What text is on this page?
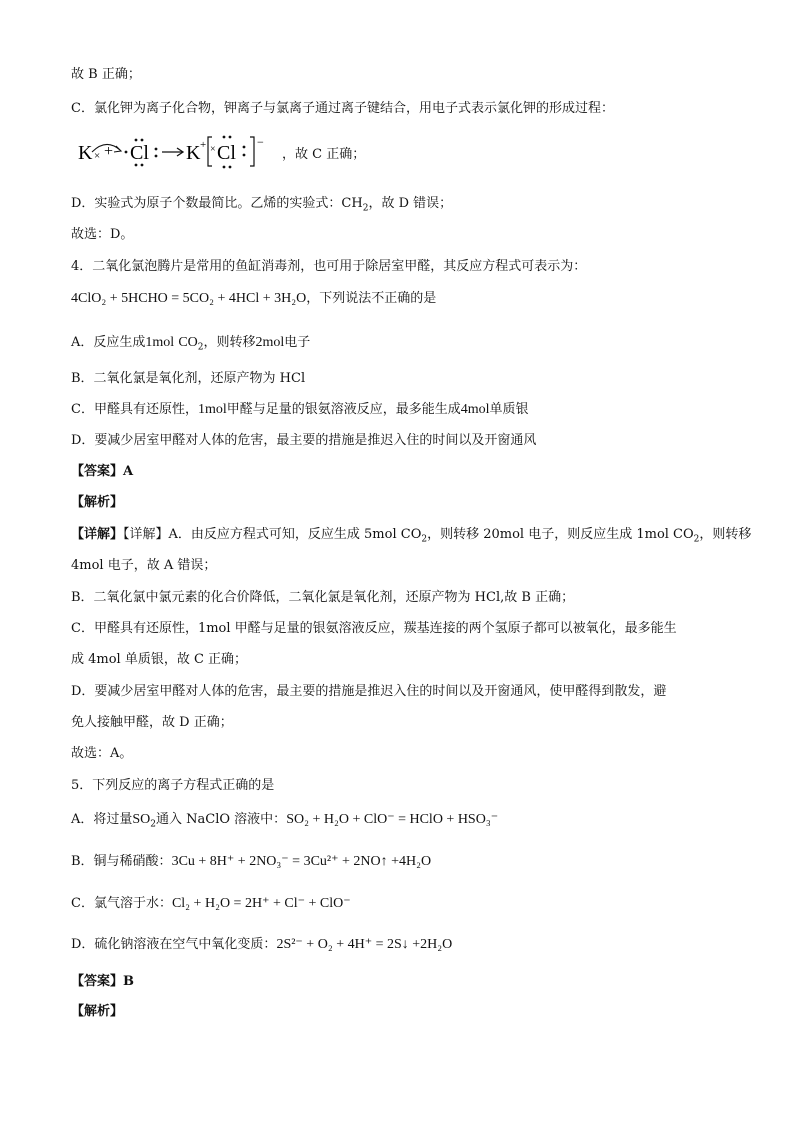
故 B 正确；
C．氯化钾为离子化合物，钾离子与氯离子通过离子键结合，用电子式表示氯化钾的形成过程：
K × + Cl K + × Cl −
，故 C 正确；
D．实验式为原子个数最简比。乙烯的实验式：$CH_2$，故 D 错误；
故选：D。
4．二氧化氯泡腾片是常用的鱼缸消毒剂，也可用于除居室甲醛，其反应方程式可表示为：
4ClO₂ + 5HCHO = 5CO₂ + 4HCl + 3H₂O，下列说法不正确的是
A．反应生成1mol $CO_2$，则转移2mol电子
B．二氧化氯是氧化剂，还原产物为 HCl
C．甲醛具有还原性，1mol甲醛与足量的银氨溶液反应，最多能生成4mol单质银
D．要减少居室甲醛对人体的危害，最主要的措施是推迟入住的时间以及开窗通风
【答案】A
【解析】
【详解】【详解】A．由反应方程式可知，反应生成 5mol $CO_2$，则转移 20mol 电子，则反应生成 1mol $CO_2$，则转移
4mol 电子，故 A 错误；
B．二氧化氯中氯元素的化合价降低，二氧化氯是氧化剂，还原产物为 HCl,故 B 正确；
C．甲醛具有还原性，1mol 甲醛与足量的银氨溶液反应，羰基连接的两个氢原子都可以被氧化，最多能生
成 4mol 单质银，故 C 正确；
D．要减少居室甲醛对人体的危害，最主要的措施是推迟入住的时间以及开窗通风，使甲醛得到散发，避
免人接触甲醛，故 D 正确；
故选：A。
5．下列反应的离子方程式正确的是
A．将过量$SO_2$通入 NaClO 溶液中：SO₂ + H₂O + ClO⁻ = HClO + HSO₃⁻
B．铜与稀硝酸：3Cu + 8H⁺ + 2NO₃⁻ = 3Cu²⁺ + 2NO↑ +4H₂O
C．氯气溶于水：Cl₂ + H₂O = 2H⁺ + Cl⁻ + ClO⁻
D．硫化钠溶液在空气中氧化变质：2S²⁻ + O₂ + 4H⁺ = 2S↓ +2H₂O
【答案】B
【解析】
